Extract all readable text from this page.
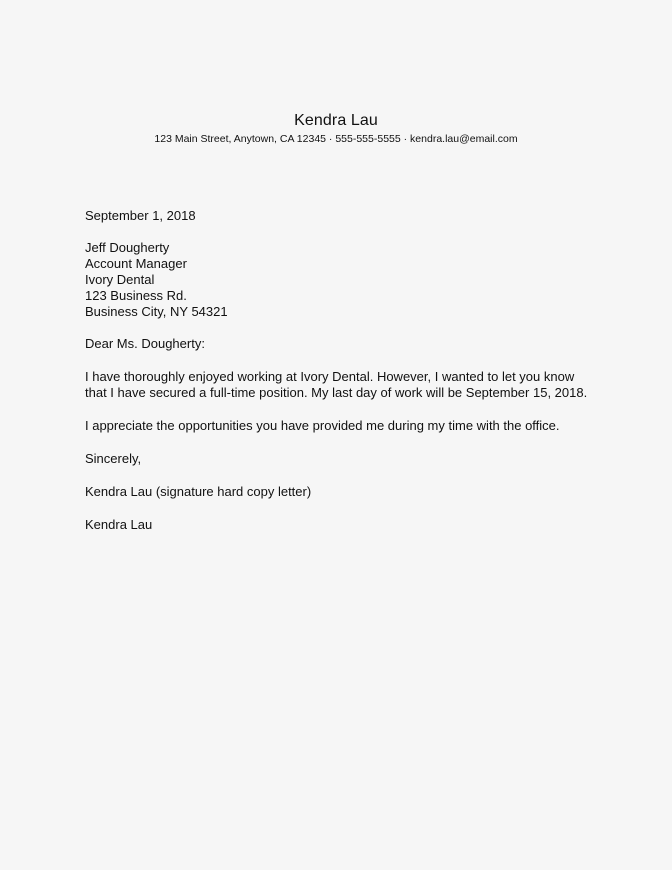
Kendra Lau
123 Main Street, Anytown, CA 12345 · 555-555-5555 · kendra.lau@email.com
September 1, 2018
Jeff Dougherty
Account Manager
Ivory Dental
123 Business Rd.
Business City, NY 54321

Dear Ms. Dougherty:

I have thoroughly enjoyed working at Ivory Dental. However, I wanted to let you know that I have secured a full-time position. My last day of work will be September 15, 2018.

I appreciate the opportunities you have provided me during my time with the office.

Sincerely,

Kendra Lau (signature hard copy letter)

Kendra Lau
